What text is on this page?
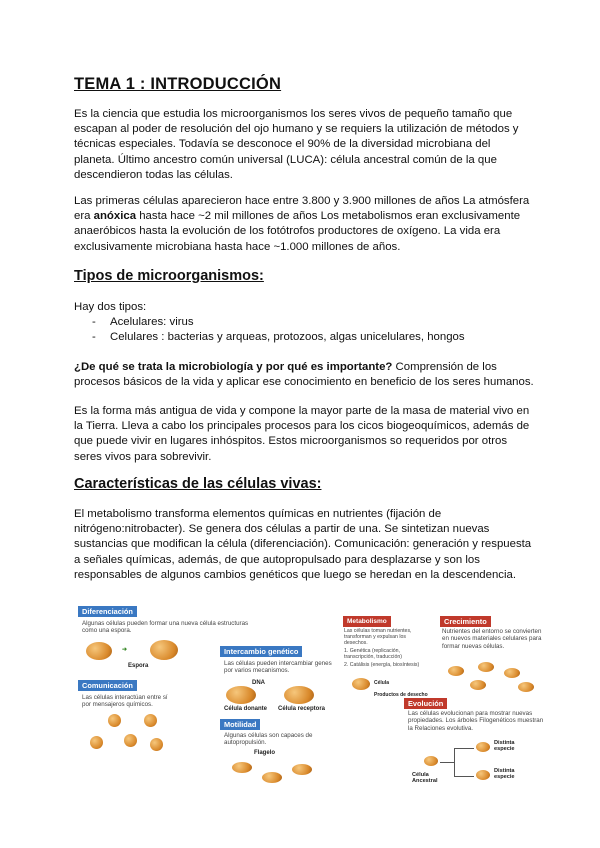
TEMA 1 : INTRODUCCIÓN

Es la ciencia que estudia los microorganismos los seres vivos de pequeño tamaño que escapan al poder de resolución del ojo humano y se requiers la utilización de métodos y técnicas especiales. Todavía se desconoce el 90% de la diversidad microbiana del planeta. Último ancestro común universal (LUCA): célula ancestral común de la que descendieron todas las células.

Las primeras células aparecieron hace entre 3.800 y 3.900 millones de años La atmósfera era anóxica hasta hace ~2 mil millones de años Los metabolismos eran exclusivamente anaeróbicos hasta la evolución de los fotótrofos productores de oxígeno. La vida era exclusivamente microbiana hasta hace ~1.000 millones de años.

Tipos de microorganismos:
Hay dos tipos:
- Acelulares: virus
- Celulares : bacterias y arqueas, protozoos, algas unicelulares, hongos

¿De qué se trata la microbiología y por qué es importante? Comprensión de los procesos básicos de la vida y aplicar ese conocimiento en beneficio de los seres humanos.

Es la forma más antigua de vida y compone la mayor parte de la masa de material vivo en la Tierra. Lleva a cabo los principales procesos para los cicos biogeoquímicos, además de que puede vivir en lugares inhóspitos. Estos microorganismos so requeridos por otros seres vivos para sobrevivir.

Características de las células vivas:

El metabolismo transforma elementos químicas en nutrientes (fijación de nitrógeno:nitrobacter). Se genera dos células a partir de una. Se sintetizan nuevas sustancias que modifican la célula (diferenciación). Comunicación: generación y respuesta a señales químicas, además, de que autopropulsado para desplazarse y son los responsables de algunos cambios genéticos que luego se heredan en la descendencia.

Diferenciación
Algunas células pueden formar una nueva célula estructuras como una espora.
➜
Espora
Comunicación
Las células interactúan entre sí por mensajeros químicos.
Intercambio genético
Las células pueden intercambiar genes por varios mecanismos.
DNA
Célula donante Célula receptora
Motilidad
Algunas células son capaces de autopropulsión.
Flagelo
Metabolismo
Las células toman nutrientes, transforman y expulsan los desechos.
1. Genética (replicación, transcripción, traducción)
2. Catálisis (energía, biosíntesis)
Célula
Productos de desecho
Crecimiento
Nutrientes del entorno se convierten en nuevos materiales celulares para formar nuevas células.
Evolución
Las células evolucionan para mostrar nuevas propiedades. Los árboles Filogenéticos muestran la Relaciones evolutiva.
Célula Ancestral
Distinta especie
Distinta especie
